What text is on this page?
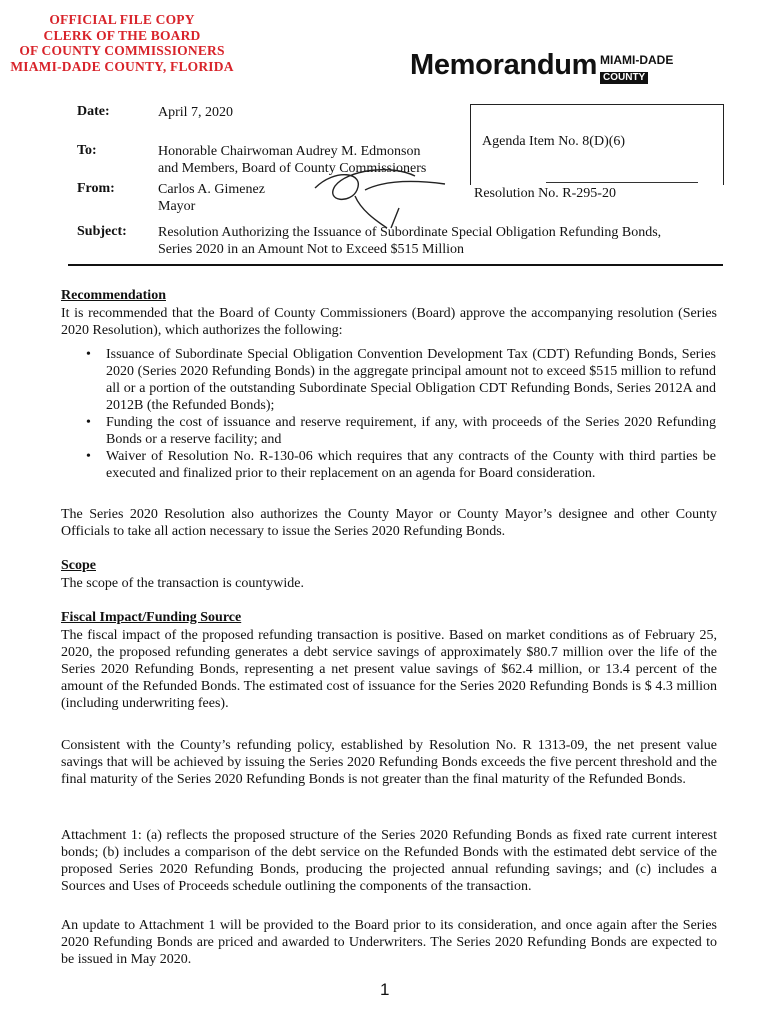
OFFICIAL FILE COPY
CLERK OF THE BOARD
OF COUNTY COMMISSIONERS
MIAMI-DADE COUNTY, FLORIDA	Memorandum MIAMI-DADE
COUNTY
Date:	April 7, 2020
To:	Honorable Chairwoman Audrey M. Edmonson
and Members, Board of County Commissioners
From:	Carlos A. Gimenez
Mayor
Subject: Resolution Authorizing the Issuance of Subordinate Special Obligation Refunding Bonds,
Series 2020 in an Amount Not to Exceed $515 Million
Agenda Item No. 8(D)(6)
Resolution No. R-295-20
Recommendation
It is recommended that the Board of County Commissioners (Board) approve the accompanying resolution (Series 2020 Resolution), which authorizes the following:
• Issuance of Subordinate Special Obligation Convention Development Tax (CDT) Refunding Bonds, Series 2020 (Series 2020 Refunding Bonds) in the aggregate principal amount not to exceed $515 million to refund all or a portion of the outstanding Subordinate Special Obligation CDT Refunding Bonds, Series 2012A and 2012B (the Refunded Bonds);
• Funding the cost of issuance and reserve requirement, if any, with proceeds of the Series 2020 Refunding Bonds or a reserve facility; and
• Waiver of Resolution No. R-130-06 which requires that any contracts of the County with third parties be executed and finalized prior to their replacement on an agenda for Board consideration.
The Series 2020 Resolution also authorizes the County Mayor or County Mayor’s designee and other County Officials to take all action necessary to issue the Series 2020 Refunding Bonds.
Scope
The scope of the transaction is countywide.
Fiscal Impact/Funding Source
The fiscal impact of the proposed refunding transaction is positive. Based on market conditions as of February 25, 2020, the proposed refunding generates a debt service savings of approximately $80.7 million over the life of the Series 2020 Refunding Bonds, representing a net present value savings of $62.4 million, or 13.4 percent of the amount of the Refunded Bonds. The estimated cost of issuance for the Series 2020 Refunding Bonds is $ 4.3 million (including underwriting fees).
Consistent with the County’s refunding policy, established by Resolution No. R 1313-09, the net present value savings that will be achieved by issuing the Series 2020 Refunding Bonds exceeds the five percent threshold and the final maturity of the Series 2020 Refunding Bonds is not greater than the final maturity of the Refunded Bonds.
Attachment 1: (a) reflects the proposed structure of the Series 2020 Refunding Bonds as fixed rate current interest bonds; (b) includes a comparison of the debt service on the Refunded Bonds with the estimated debt service of the proposed Series 2020 Refunding Bonds, producing the projected annual refunding savings; and (c) includes a Sources and Uses of Proceeds schedule outlining the components of the transaction.
An update to Attachment 1 will be provided to the Board prior to its consideration, and once again after the Series 2020 Refunding Bonds are priced and awarded to Underwriters. The Series 2020 Refunding Bonds are expected to be issued in May 2020.
1
